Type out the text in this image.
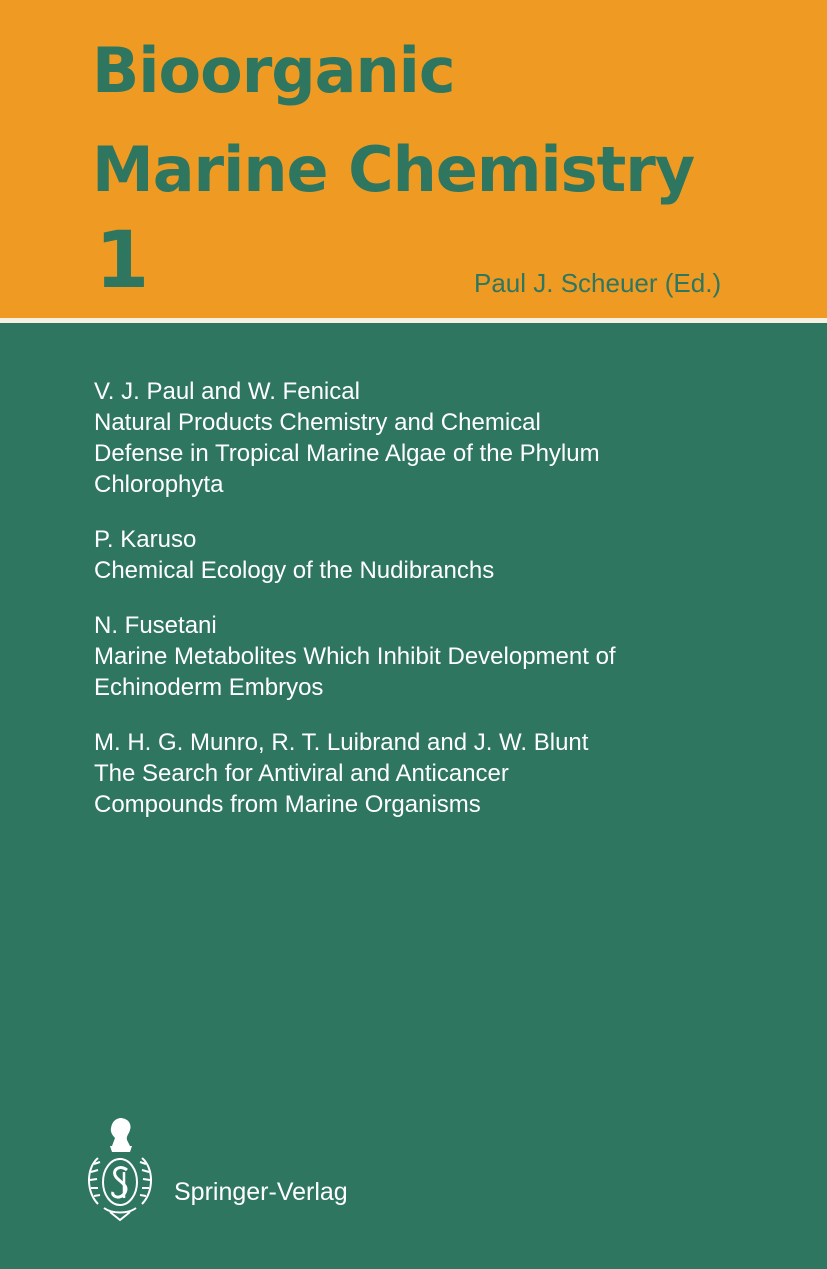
Bioorganic
Marine Chemistry
1	Paul J. Scheuer (Ed.)
V. J. Paul and W. Fenical
Natural Products Chemistry and Chemical
Defense in Tropical Marine Algae of the Phylum
Chlorophyta
P. Karuso
Chemical Ecology of the Nudibranchs
N. Fusetani
Marine Metabolites Which Inhibit Development of
Echinoderm Embryos
M. H. G. Munro, R. T. Luibrand and J. W. Blunt
The Search for Antiviral and Anticancer
Compounds from Marine Organisms
Springer-Verlag
